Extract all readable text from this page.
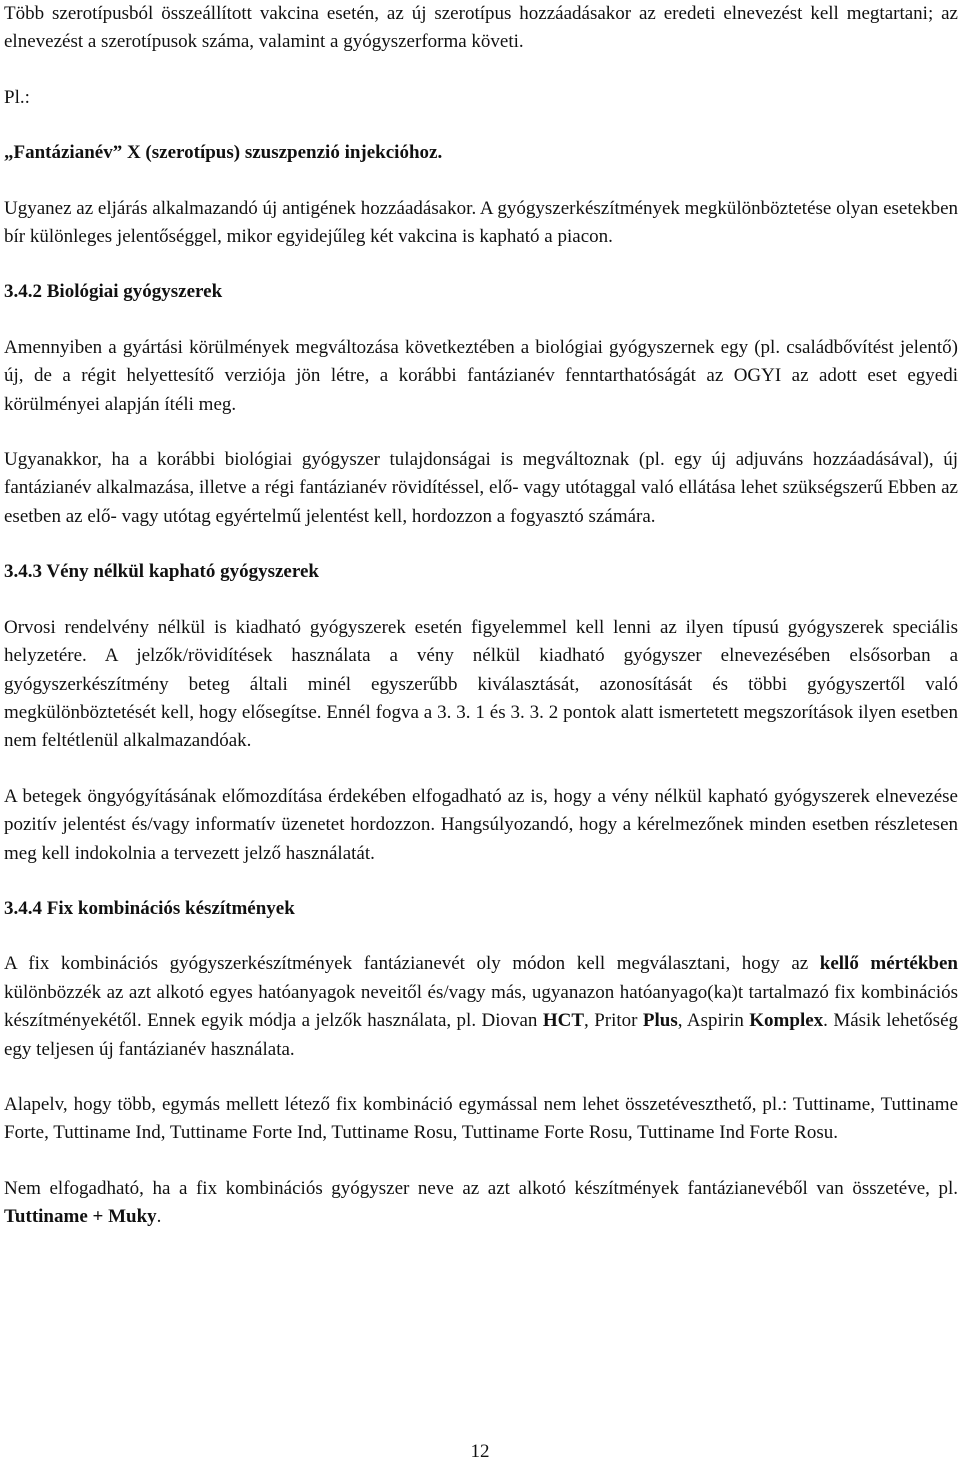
Több szerotípusból összeállított vakcina esetén, az új szerotípus hozzáadásakor az eredeti elnevezést kell megtartani; az elnevezést a szerotípusok száma, valamint a gyógyszerforma követi.

Pl.:

„Fantázianév” X (szerotípus) szuszpenzió injekcióhoz.

Ugyanez az eljárás alkalmazandó új antigének hozzáadásakor. A gyógyszerkészítmények megkülönböztetése olyan esetekben bír különleges jelentőséggel, mikor egyidejűleg két vakcina is kapható a piacon.

3.4.2 Biológiai gyógyszerek

Amennyiben a gyártási körülmények megváltozása következtében a biológiai gyógyszernek egy (pl. családbővítést jelentő) új, de a régit helyettesítő verziója jön létre, a korábbi fantázianév fenntarthatóságát az OGYI az adott eset egyedi körülményei alapján ítéli meg.

Ugyanakkor, ha a korábbi biológiai gyógyszer tulajdonságai is megváltoznak (pl. egy új adjuváns hozzáadásával), új fantázianév alkalmazása, illetve a régi fantázianév rövidítéssel, elő- vagy utótaggal való ellátása lehet szükségszerű Ebben az esetben az elő- vagy utótag egyértelmű jelentést kell, hordozzon a fogyasztó számára.

3.4.3 Vény nélkül kapható gyógyszerek

Orvosi rendelvény nélkül is kiadható gyógyszerek esetén figyelemmel kell lenni az ilyen típusú gyógyszerek speciális helyzetére. A jelzők/rövidítések használata a vény nélkül kiadható gyógyszer elnevezésében elsősorban a gyógyszerkészítmény beteg általi minél egyszerűbb kiválasztását, azonosítását és többi gyógyszertől való megkülönböztetését kell, hogy elősegítse. Ennél fogva a 3. 3. 1 és 3. 3. 2 pontok alatt ismertetett megszorítások ilyen esetben nem feltétlenül alkalmazandóak.

A betegek öngyógyításának előmozdítása érdekében elfogadható az is, hogy a vény nélkül kapható gyógyszerek elnevezése pozitív jelentést és/vagy informatív üzenetet hordozzon. Hangsúlyozandó, hogy a kérelmezőnek minden esetben részletesen meg kell indokolnia a tervezett jelző használatát.

3.4.4 Fix kombinációs készítmények

A fix kombinációs gyógyszerkészítmények fantázianevét oly módon kell megválasztani, hogy az kellő mértékben különbözzék az azt alkotó egyes hatóanyagok neveitől és/vagy más, ugyanazon hatóanyago(ka)t tartalmazó fix kombinációs készítményekétől. Ennek egyik módja a jelzők használata, pl. Diovan HCT, Pritor Plus, Aspirin Komplex. Másik lehetőség egy teljesen új fantázianév használata.

Alapelv, hogy több, egymás mellett létező fix kombináció egymással nem lehet összetéveszthető, pl.: Tuttiname, Tuttiname Forte, Tuttiname Ind, Tuttiname Forte Ind, Tuttiname Rosu, Tuttiname Forte Rosu, Tuttiname Ind Forte Rosu.

Nem elfogadható, ha a fix kombinációs gyógyszer neve az azt alkotó készítmények fantázianevéből van összetéve, pl. Tuttiname + Muky.

12
